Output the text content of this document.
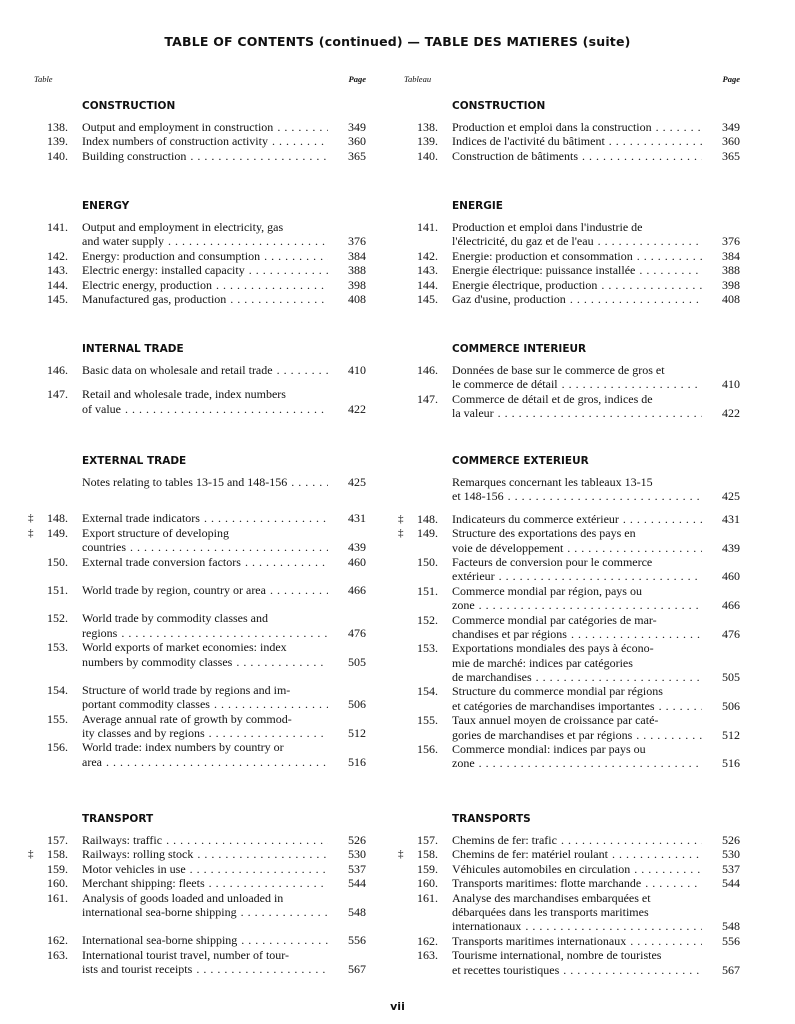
TABLE OF CONTENTS (continued) — TABLE DES MATIERES (suite)
Table	Page
CONSTRUCTION
138. Output and employment in construction . . .	349
139. Index numbers of construction activity . . .	360
140. Building construction . . .	365
ENERGY
141. Output and employment in electricity, gas
and water supply . . .	376
142. Energy: production and consumption . . .	384
143. Electric energy: installed capacity . . .	388
144. Electric energy, production . . .	398
145. Manufactured gas, production . . .	408
INTERNAL TRADE
146. Basic data on wholesale and retail trade . . .	410
147. Retail and wholesale trade, index numbers
of value . . .	422
EXTERNAL TRADE
Notes relating to tables 13-15 and 148-156 . . .	425
‡	148. External trade indicators . . .	431
‡	149. Export structure of developing
countries . . .	439
150. External trade conversion factors . . .	460
151. World trade by region, country or area . . .	466
152. World trade by commodity classes and
regions . . .	476
153. World exports of market economies: index
numbers by commodity classes . . .	505
154. Structure of world trade by regions and im-
portant commodity classes . . .	506
155. Average annual rate of growth by commod-
ity classes and by regions . . .	512
156. World trade: index numbers by country or
area . . .	516
TRANSPORT
157. Railways: traffic . . .	526
‡	158. Railways: rolling stock . . .	530
159. Motor vehicles in use . . .	537
160. Merchant shipping: fleets . . .	544
161. Analysis of goods loaded and unloaded in
international sea-borne shipping . . .	548
162. International sea-borne shipping . . .	556
163. International tourist travel, number of tour-
ists and tourist receipts . . .	567
Tableau	Page
CONSTRUCTION
138. Production et emploi dans la construction . . .	349
139. Indices de l'activité du bâtiment . . .	360
140. Construction de bâtiments . . .	365
ENERGIE
141. Production et emploi dans l'industrie de
l'électricité, du gaz et de l'eau . . .	376
142. Energie: production et consommation . . .	384
143. Energie électrique: puissance installée . . .	388
144. Energie électrique, production . . .	398
145. Gaz d'usine, production . . .	408
COMMERCE INTERIEUR
146. Données de base sur le commerce de gros et
le commerce de détail . . .	410
147. Commerce de détail et de gros, indices de
la valeur . . .	422
COMMERCE EXTERIEUR
Remarques concernant les tableaux 13-15
et 148-156 . . .	425
‡	148. Indicateurs du commerce extérieur . . .	431
‡	149. Structure des exportations des pays en
voie de développement . . .	439
150. Facteurs de conversion pour le commerce
extérieur . . .	460
151. Commerce mondial par région, pays ou
zone . . .	466
152. Commerce mondial par catégories de mar-
chandises et par régions . . .	476
153. Exportations mondiales des pays à écono-
mie de marché: indices par catégories
de marchandises . . .	505
154. Structure du commerce mondial par régions
et catégories de marchandises importantes . . .	506
155. Taux annuel moyen de croissance par caté-
gories de marchandises et par régions . . .	512
156. Commerce mondial: indices par pays ou
zone . . .	516
TRANSPORTS
157. Chemins de fer: trafic . . .	526
‡	158. Chemins de fer: matériel roulant . . .	530
159. Véhicules automobiles en circulation . . .	537
160. Transports maritimes: flotte marchande . . .	544
161. Analyse des marchandises embarquées et
débarquées dans les transports maritimes
internationaux . . .	548
162. Transports maritimes internationaux . . .	556
163. Tourisme international, nombre de touristes
et recettes touristiques . . .	567
vii
